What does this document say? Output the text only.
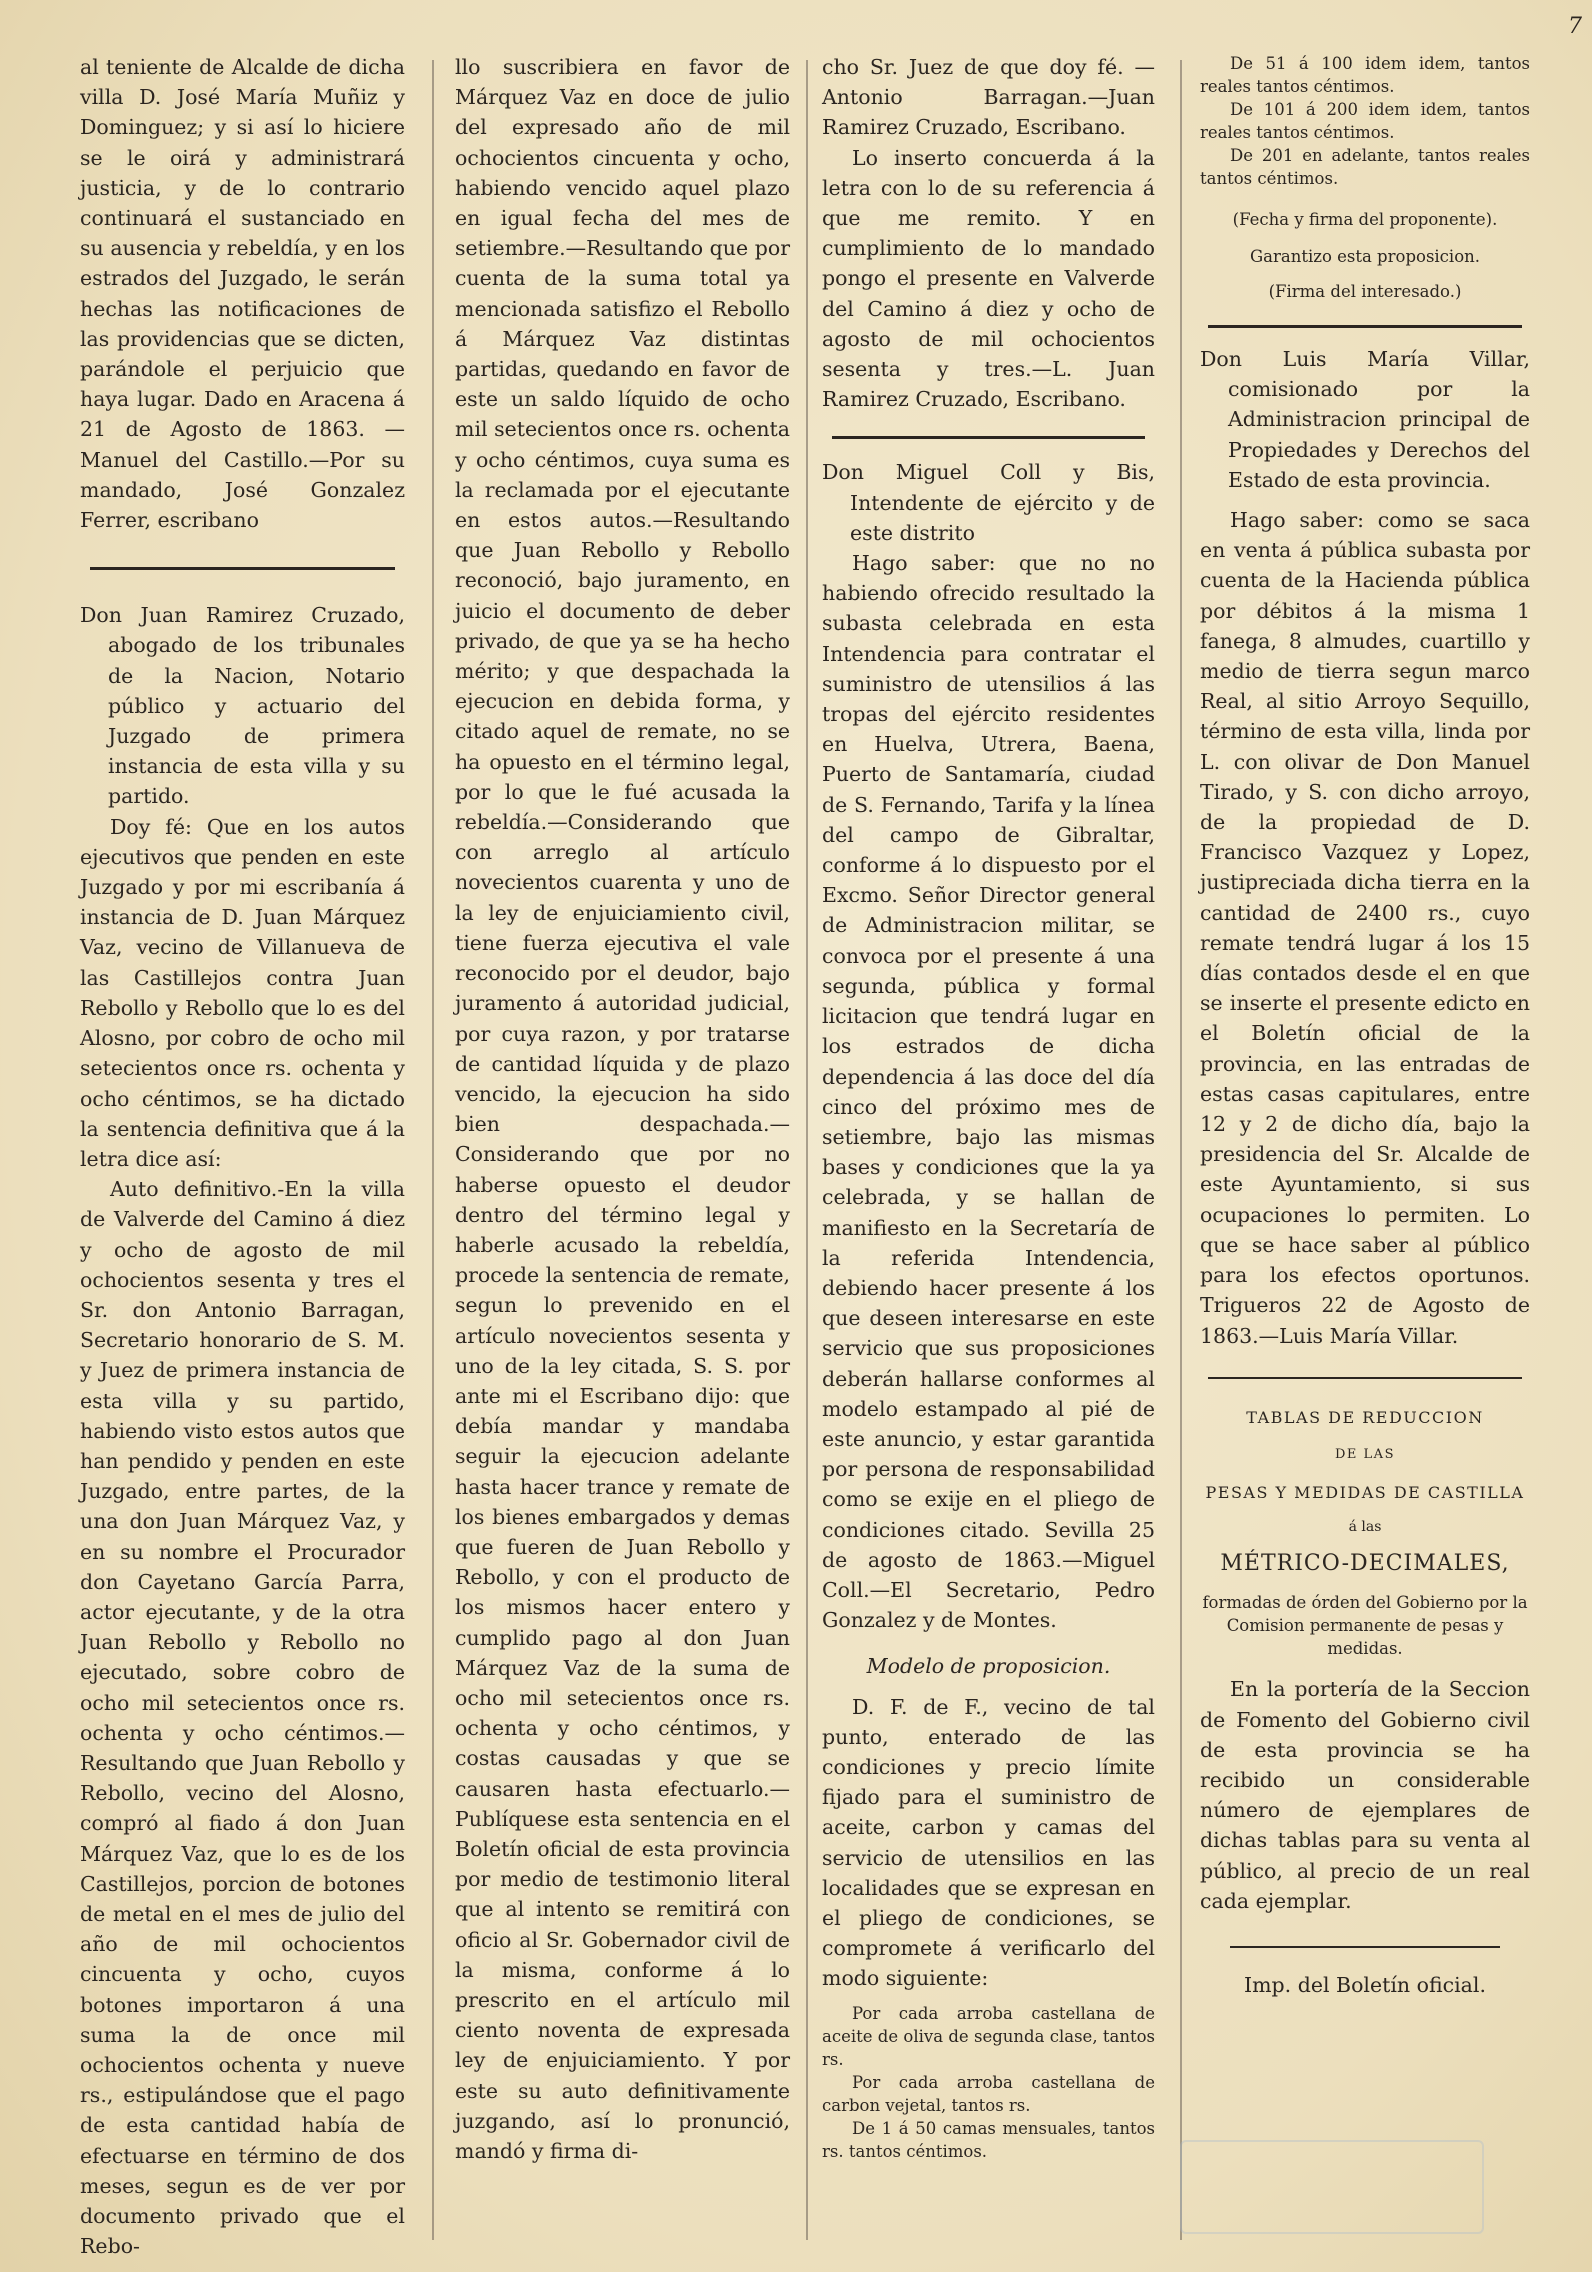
7

al teniente de Alcalde de dicha villa D. José María Muñiz y Dominguez; y si así lo hiciere se le oirá y administrará justicia, y de lo contrario continuará el sustanciado en su ausencia y rebeldía, y en los estrados del Juzgado, le serán hechas las notificaciones de las providencias que se dicten, parándole el perjuicio que haya lugar. Dado en Aracena á 21 de Agosto de 1863. —Manuel del Castillo.—Por su mandado, José Gonzalez Ferrer, escribano

Don Juan Ramirez Cruzado, abogado de los tribunales de la Nacion, Notario público y actuario del Juzgado de primera instancia de esta villa y su partido.

Doy fé: Que en los autos ejecutivos que penden en este Juzgado y por mi escribanía á instancia de D. Juan Márquez Vaz, vecino de Villanueva de las Castillejos contra Juan Rebollo y Rebollo que lo es del Alosno, por cobro de ocho mil setecientos once rs. ochenta y ocho céntimos, se ha dictado la sentencia definitiva que á la letra dice así:

Auto definitivo.-En la villa de Valverde del Camino á diez y ocho de agosto de mil ochocientos sesenta y tres el Sr. don Antonio Barragan, Secretario honorario de S. M. y Juez de primera instancia de esta villa y su partido, habiendo visto estos autos que han pendido y penden en este Juzgado, entre partes, de la una don Juan Márquez Vaz, y en su nombre el Procurador don Cayetano García Parra, actor ejecutante, y de la otra Juan Rebollo y Rebollo no ejecutado, sobre cobro de ocho mil setecientos once rs. ochenta y ocho céntimos.—Resultando que Juan Rebollo y Rebollo, vecino del Alosno, compró al fiado á don Juan Márquez Vaz, que lo es de los Castillejos, porcion de botones de metal en el mes de julio del año de mil ochocientos cincuenta y ocho, cuyos botones importaron á una suma la de once mil ochocientos ochenta y nueve rs., estipulándose que el pago de esta cantidad había de efectuarse en término de dos meses, segun es de ver por documento privado que el Rebo-

llo suscribiera en favor de Márquez Vaz en doce de julio del expresado año de mil ochocientos cincuenta y ocho, habiendo vencido aquel plazo en igual fecha del mes de setiembre.—Resultando que por cuenta de la suma total ya mencionada satisfizo el Rebollo á Márquez Vaz distintas partidas, quedando en favor de este un saldo líquido de ocho mil setecientos once rs. ochenta y ocho céntimos, cuya suma es la reclamada por el ejecutante en estos autos.—Resultando que Juan Rebollo y Rebollo reconoció, bajo juramento, en juicio el documento de deber privado, de que ya se ha hecho mérito; y que despachada la ejecucion en debida forma, y citado aquel de remate, no se ha opuesto en el término legal, por lo que le fué acusada la rebeldía.—Considerando que con arreglo al artículo novecientos cuarenta y uno de la ley de enjuiciamiento civil, tiene fuerza ejecutiva el vale reconocido por el deudor, bajo juramento á autoridad judicial, por cuya razon, y por tratarse de cantidad líquida y de plazo vencido, la ejecucion ha sido bien despachada.—Considerando que por no haberse opuesto el deudor dentro del término legal y haberle acusado la rebeldía, procede la sentencia de remate, segun lo prevenido en el artículo novecientos sesenta y uno de la ley citada, S. S. por ante mi el Escribano dijo: que debía mandar y mandaba seguir la ejecucion adelante hasta hacer trance y remate de los bienes embargados y demas que fueren de Juan Rebollo y Rebollo, y con el producto de los mismos hacer entero y cumplido pago al don Juan Márquez Vaz de la suma de ocho mil setecientos once rs. ochenta y ocho céntimos, y costas causadas y que se causaren hasta efectuarlo.—Publíquese esta sentencia en el Boletín oficial de esta provincia por medio de testimonio literal que al intento se remitirá con oficio al Sr. Gobernador civil de la misma, conforme á lo prescrito en el artículo mil ciento noventa de expresada ley de enjuiciamiento. Y por este su auto definitivamente juzgando, así lo pronunció, mandó y firma di-

cho Sr. Juez de que doy fé. —Antonio Barragan.—Juan Ramirez Cruzado, Escribano.

Lo inserto concuerda á la letra con lo de su referencia á que me remito. Y en cumplimiento de lo mandado pongo el presente en Valverde del Camino á diez y ocho de agosto de mil ochocientos sesenta y tres.—L. Juan Ramirez Cruzado, Escribano.

Don Miguel Coll y Bis, Intendente de ejército y de este distrito

Hago saber: que no no habiendo ofrecido resultado la subasta celebrada en esta Intendencia para contratar el suministro de utensilios á las tropas del ejército residentes en Huelva, Utrera, Baena, Puerto de Santamaría, ciudad de S. Fernando, Tarifa y la línea del campo de Gibraltar, conforme á lo dispuesto por el Excmo. Señor Director general de Administracion militar, se convoca por el presente á una segunda, pública y formal licitacion que tendrá lugar en los estrados de dicha dependencia á las doce del día cinco del próximo mes de setiembre, bajo las mismas bases y condiciones que la ya celebrada, y se hallan de manifiesto en la Secretaría de la referida Intendencia, debiendo hacer presente á los que deseen interesarse en este servicio que sus proposiciones deberán hallarse conformes al modelo estampado al pié de este anuncio, y estar garantida por persona de responsabilidad como se exije en el pliego de condiciones citado. Sevilla 25 de agosto de 1863.—Miguel Coll.—El Secretario, Pedro Gonzalez y de Montes.

Modelo de proposicion.

D. F. de F., vecino de tal punto, enterado de las condiciones y precio límite fijado para el suministro de aceite, carbon y camas del servicio de utensilios en las localidades que se expresan en el pliego de condiciones, se compromete á verificarlo del modo siguiente:

Por cada arroba castellana de aceite de oliva de segunda clase, tantos rs.

Por cada arroba castellana de carbon vejetal, tantos rs.

De 1 á 50 camas mensuales, tantos rs. tantos céntimos.

De 51 á 100 idem idem, tantos reales tantos céntimos.

De 101 á 200 idem idem, tantos reales tantos céntimos.

De 201 en adelante, tantos reales tantos céntimos.

(Fecha y firma del proponente).

Garantizo esta proposicion.

(Firma del interesado.)

Don Luis María Villar, comisionado por la Administracion principal de Propiedades y Derechos del Estado de esta provincia.

Hago saber: como se saca en venta á pública subasta por cuenta de la Hacienda pública por débitos á la misma 1 fanega, 8 almudes, cuartillo y medio de tierra segun marco Real, al sitio Arroyo Sequillo, término de esta villa, linda por L. con olivar de Don Manuel Tirado, y S. con dicho arroyo, de la propiedad de D. Francisco Vazquez y Lopez, justipreciada dicha tierra en la cantidad de 2400 rs., cuyo remate tendrá lugar á los 15 días contados desde el en que se inserte el presente edicto en el Boletín oficial de la provincia, en las entradas de estas casas capitulares, entre 12 y 2 de dicho día, bajo la presidencia del Sr. Alcalde de este Ayuntamiento, si sus ocupaciones lo permiten. Lo que se hace saber al público para los efectos oportunos. Trigueros 22 de Agosto de 1863.—Luis María Villar.

TABLAS DE REDUCCION

DE LAS

PESAS Y MEDIDAS DE CASTILLA

á las

MÉTRICO-DECIMALES,

formadas de órden del Gobierno por la Comision permanente de pesas y medidas.

En la portería de la Seccion de Fomento del Gobierno civil de esta provincia se ha recibido un considerable número de ejemplares de dichas tablas para su venta al público, al precio de un real cada ejemplar.

Imp. del Boletín oficial.
